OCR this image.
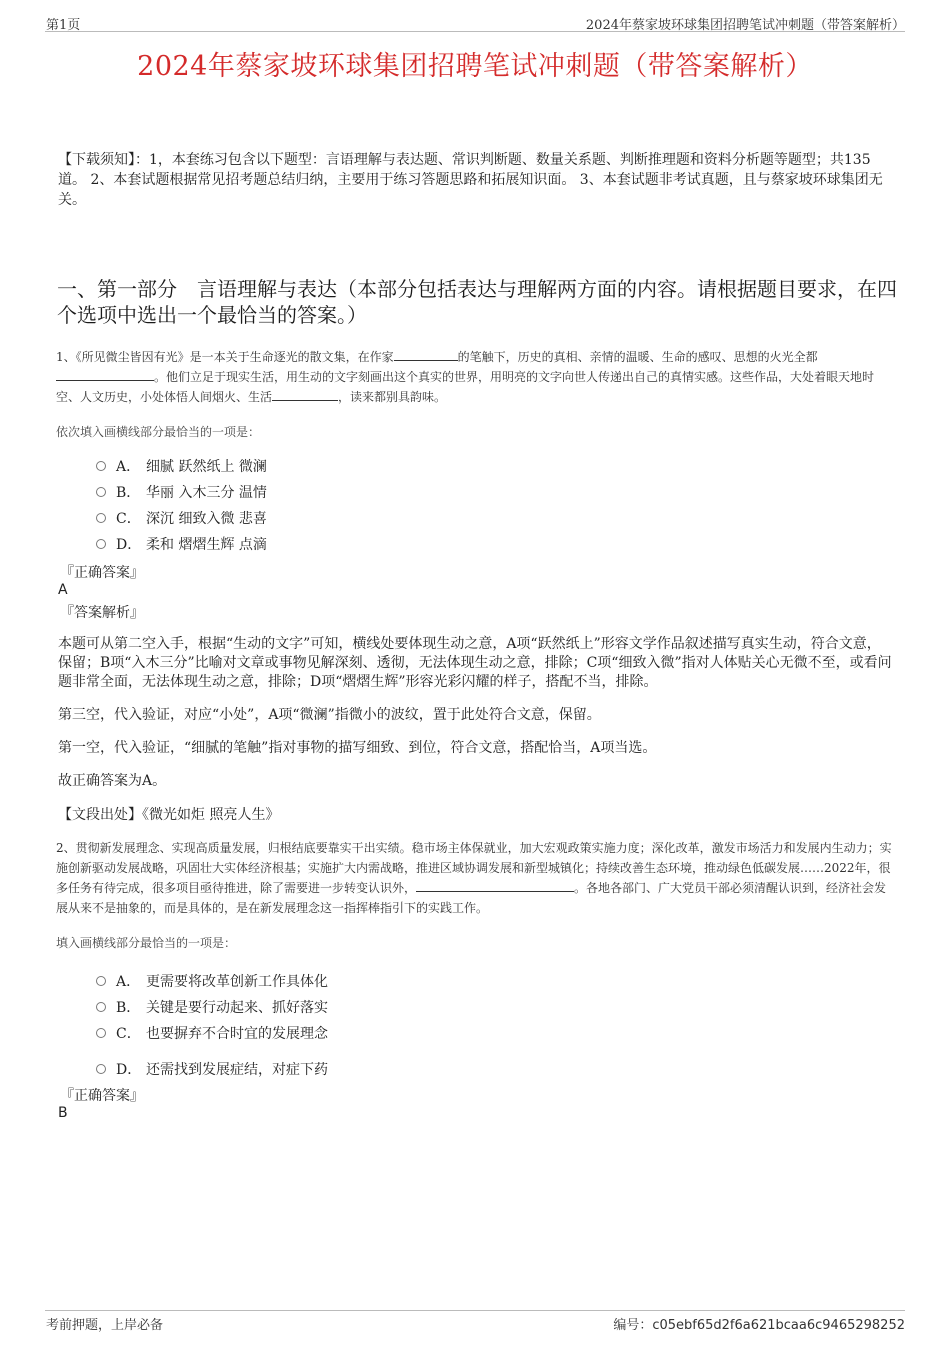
第1页	2024年蔡家坡环球集团招聘笔试冲刺题（带答案解析）
2024年蔡家坡环球集团招聘笔试冲刺题（带答案解析）
【下载须知】：1，本套练习包含以下题型：言语理解与表达题、常识判断题、数量关系题、判断推理题和资料分析题等题型；共135道。 2、本套试题根据常见招考题总结归纳，主要用于练习答题思路和拓展知识面。 3、本套试题非考试真题，且与蔡家坡环球集团无关。
一、第一部分　言语理解与表达（本部分包括表达与理解两方面的内容。请根据题目要求，在四个选项中选出一个最恰当的答案。）
1、《所见微尘皆因有光》是一本关于生命逐光的散文集，在作家	的笔触下，历史的真相、亲情的温暖、生命的感叹、思想的火光全都。他们立足于现实生活，用生动的文字刻画出这个真实的世界，用明亮的文字向世人传递出自己的真情实感。这些作品，大处着眼天地时空、人文历史，小处体悟人间烟火、生活	，读来都别具韵味。
依次填入画横线部分最恰当的一项是：
A． 细腻 跃然纸上 微澜
B． 华丽 入木三分 温情
C． 深沉 细致入微 悲喜
D． 柔和 熠熠生辉 点滴
『正确答案』
A
『答案解析』
本题可从第二空入手，根据“生动的文字”可知，横线处要体现生动之意，A项“跃然纸上”形容文学作品叙述描写真实生动，符合文意，保留；B项“入木三分”比喻对文章或事物见解深刻、透彻，无法体现生动之意，排除；C项“细致入微”指对人体贴关心无微不至，或看问题非常全面，无法体现生动之意，排除；D项“熠熠生辉”形容光彩闪耀的样子，搭配不当，排除。
第三空，代入验证，对应“小处”，A项“微澜”指微小的波纹，置于此处符合文意，保留。
第一空，代入验证，“细腻的笔触”指对事物的描写细致、到位，符合文意，搭配恰当，A项当选。
故正确答案为A。
【文段出处】《微光如炬 照亮人生》
2、贯彻新发展理念、实现高质量发展，归根结底要靠实干出实绩。稳市场主体保就业，加大宏观政策实施力度；深化改革，激发市场活力和发展内生动力；实施创新驱动发展战略，巩固壮大实体经济根基；实施扩大内需战略，推进区域协调发展和新型城镇化；持续改善生态环境，推动绿色低碳发展……2022年，很多任务有待完成，很多项目亟待推进，除了需要进一步转变认识外，	。各地各部门、广大党员干部必须清醒认识到，经济社会发展从来不是抽象的，而是具体的，是在新发展理念这一指挥棒指引下的实践工作。
填入画横线部分最恰当的一项是：
A． 更需要将改革创新工作具体化
B． 关键是要行动起来、抓好落实
C． 也要摒弃不合时宜的发展理念
D． 还需找到发展症结，对症下药
『正确答案』
B
考前押题，上岸必备	编号：c05ebf65d2f6a621bcaa6c9465298252
